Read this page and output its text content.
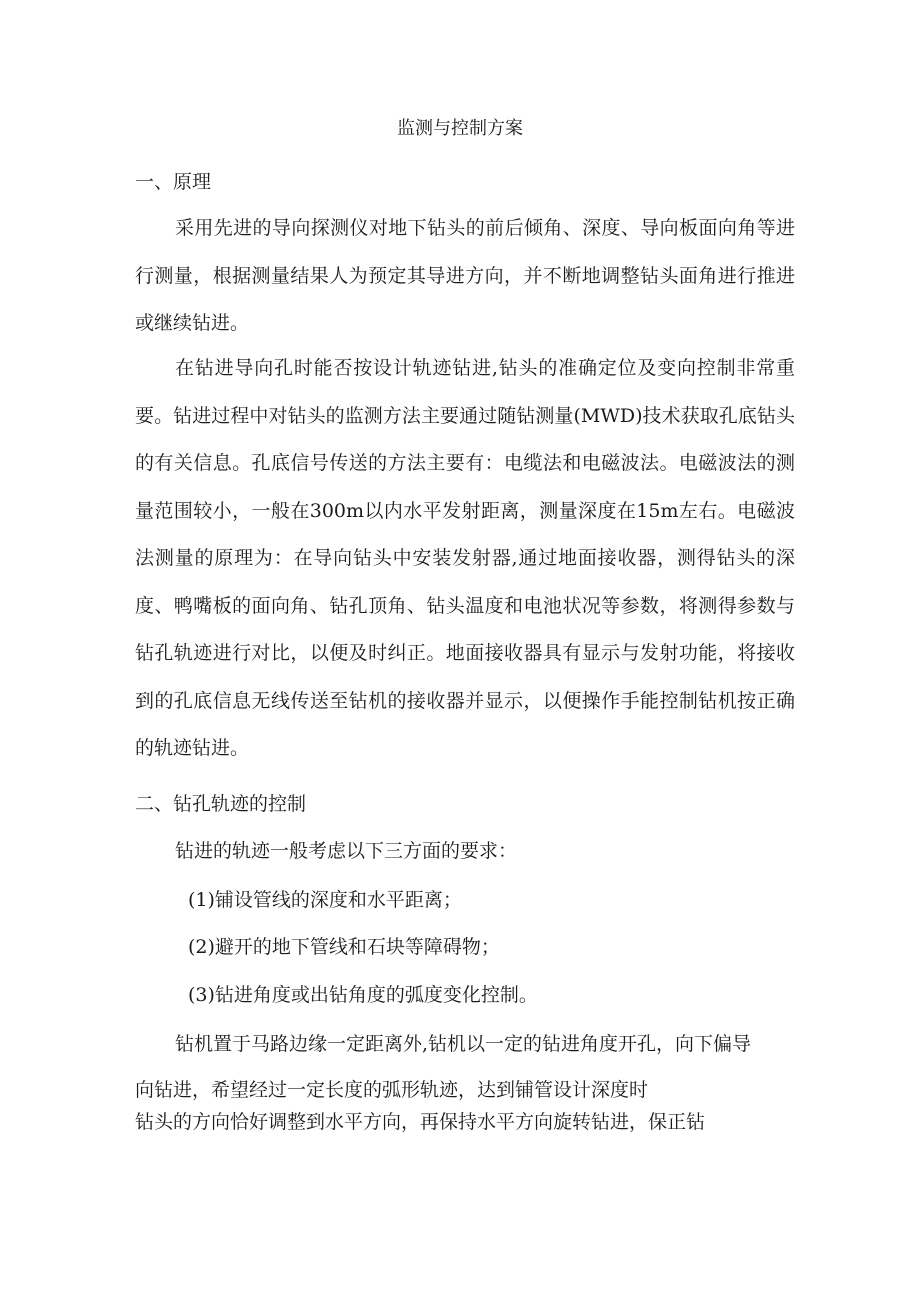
监测与控制方案
一、原理
采用先进的导向探测仪对地下钻头的前后倾角、深度、导向板面向角等进行测量，根据测量结果人为预定其导进方向，并不断地调整钻头面角进行推进或继续钻进。
在钻进导向孔时能否按设计轨迹钻进,钻头的准确定位及变向控制非常重要。钻进过程中对钻头的监测方法主要通过随钻测量(MWD)技术获取孔底钻头的有关信息。孔底信号传送的方法主要有：电缆法和电磁波法。电磁波法的测量范围较小，一般在300m以内水平发射距离，测量深度在15m左右。电磁波法测量的原理为：在导向钻头中安装发射器,通过地面接收器，测得钻头的深度、鸭嘴板的面向角、钻孔顶角、钻头温度和电池状况等参数，将测得参数与钻孔轨迹进行对比，以便及时纠正。地面接收器具有显示与发射功能，将接收到的孔底信息无线传送至钻机的接收器并显示，以便操作手能控制钻机按正确的轨迹钻进。
二、钻孔轨迹的控制
钻进的轨迹一般考虑以下三方面的要求：
(1)铺设管线的深度和水平距离；
(2)避开的地下管线和石块等障碍物；
(3)钻进角度或出钻角度的弧度变化控制。
钻机置于马路边缘一定距离外,钻机以一定的钻进角度开孔，向下偏导
向钻进，希望经过一定长度的弧形轨迹，达到铺管设计深度时
钻头的方向恰好调整到水平方向，再保持水平方向旋转钻进，保正钻
